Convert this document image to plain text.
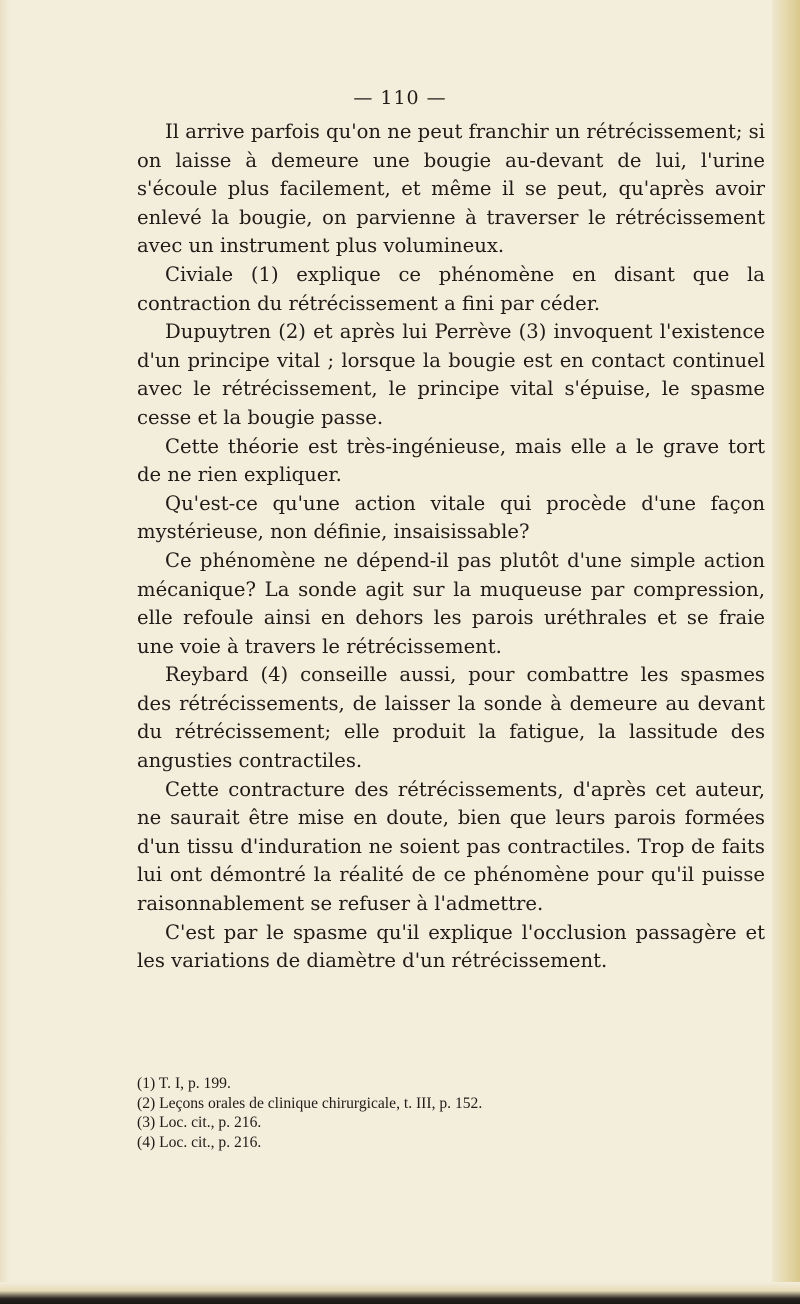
— 110 —

Il arrive parfois qu'on ne peut franchir un rétrécissement; si on laisse à demeure une bougie au-devant de lui, l'urine s'écoule plus facilement, et même il se peut, qu'après avoir enlevé la bougie, on parvienne à traverser le rétrécissement avec un instrument plus volumineux.

Civiale (1) explique ce phénomène en disant que la contraction du rétrécissement a fini par céder.

Dupuytren (2) et après lui Perrève (3) invoquent l'existence d'un principe vital ; lorsque la bougie est en contact continuel avec le rétrécissement, le principe vital s'épuise, le spasme cesse et la bougie passe.

Cette théorie est très-ingénieuse, mais elle a le grave tort de ne rien expliquer.

Qu'est-ce qu'une action vitale qui procède d'une façon mystérieuse, non définie, insaisissable?

Ce phénomène ne dépend-il pas plutôt d'une simple action mécanique? La sonde agit sur la muqueuse par compression, elle refoule ainsi en dehors les parois uréthrales et se fraie une voie à travers le rétrécissement.

Reybard (4) conseille aussi, pour combattre les spasmes des rétrécissements, de laisser la sonde à demeure au devant du rétrécissement; elle produit la fatigue, la lassitude des angusties contractiles.

Cette contracture des rétrécissements, d'après cet auteur, ne saurait être mise en doute, bien que leurs parois formées d'un tissu d'induration ne soient pas contractiles. Trop de faits lui ont démontré la réalité de ce phénomène pour qu'il puisse raisonnablement se refuser à l'admettre.

C'est par le spasme qu'il explique l'occlusion passagère et les variations de diamètre d'un rétrécissement.

(1) T. I, p. 199.

(2) Leçons orales de clinique chirurgicale, t. III, p. 152.

(3) Loc. cit., p. 216.

(4) Loc. cit., p. 216.
